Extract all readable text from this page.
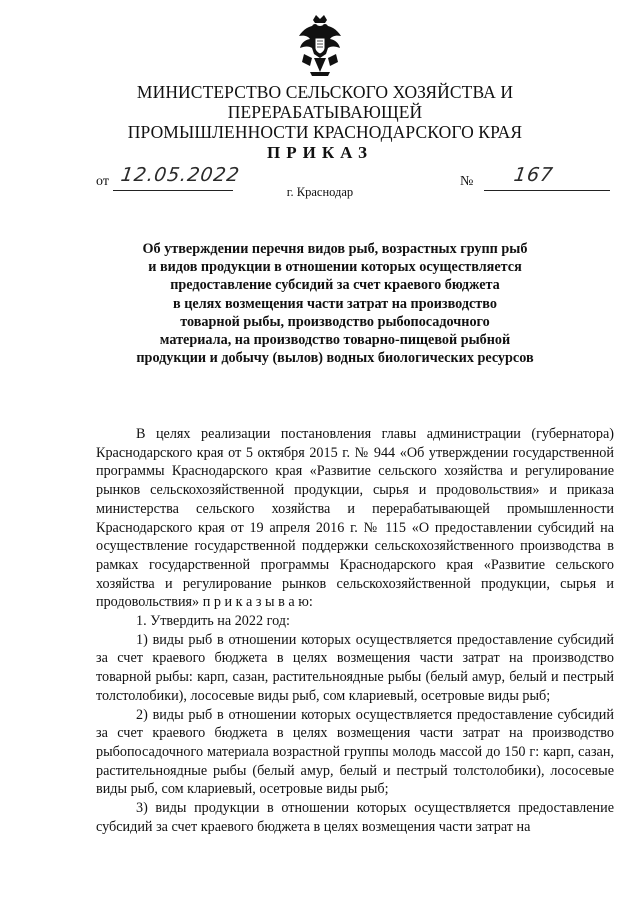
МИНИСТЕРСТВО СЕЛЬСКОГО ХОЗЯЙСТВА И ПЕРЕРАБАТЫВАЮЩЕЙ
ПРОМЫШЛЕННОСТИ КРАСНОДАРСКОГО КРАЯ
ПРИКАЗ
от 12.05.2022	№ 167
г. Краснодар
Об утверждении перечня видов рыб, возрастных групп рыб
и видов продукции в отношении которых осуществляется
предоставление субсидий за счет краевого бюджета
в целях возмещения части затрат на производство
товарной рыбы, производство рыбопосадочного
материала, на производство товарно-пищевой рыбной
продукции и добычу (вылов) водных биологических ресурсов

В целях реализации постановления главы администрации (губернатора) Краснодарского края от 5 октября 2015 г. № 944 «Об утверждении государственной программы Краснодарского края «Развитие сельского хозяйства и регулирование рынков сельскохозяйственной продукции, сырья и продовольствия» и приказа министерства сельского хозяйства и перерабатывающей промышленности Краснодарского края от 19 апреля 2016 г. № 115 «О предоставлении субсидий на осуществление государственной поддержки сельскохозяйственного производства в рамках государственной программы Краснодарского края «Развитие сельского хозяйства и регулирование рынков сельскохозяйственной продукции, сырья и продовольствия» п р и к а з ы в а ю:

1. Утвердить на 2022 год:

1) виды рыб в отношении которых осуществляется предоставление субсидий за счет краевого бюджета в целях возмещения части затрат на производство товарной рыбы: карп, сазан, растительноядные рыбы (белый амур, белый и пестрый толстолобики), лососевые виды рыб, сом клариевый, осетровые виды рыб;

2) виды рыб в отношении которых осуществляется предоставление субсидий за счет краевого бюджета в целях возмещения части затрат на производство рыбопосадочного материала возрастной группы молодь массой до 150 г: карп, сазан, растительноядные рыбы (белый амур, белый и пестрый толстолобики), лососевые виды рыб, сом клариевый, осетровые виды рыб;

3) виды продукции в отношении которых осуществляется предоставление субсидий за счет краевого бюджета в целях возмещения части затрат на
